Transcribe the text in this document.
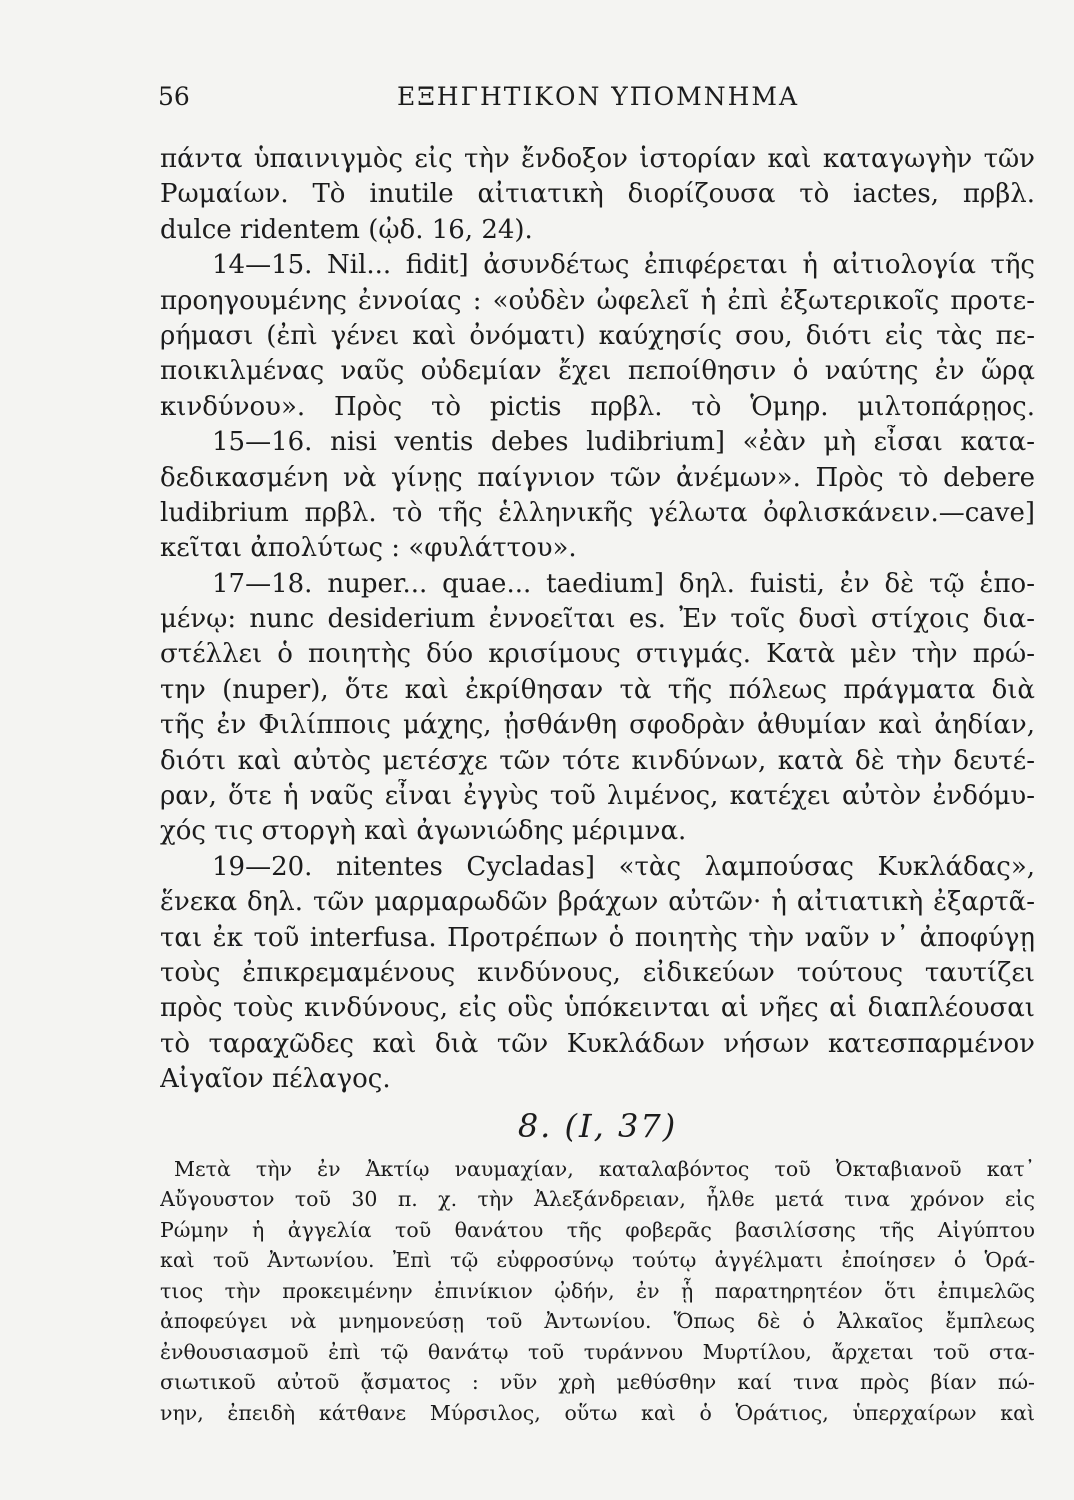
56	ΕΞΗΓΗΤΙΚΟΝ ΥΠΟΜΝΗΜΑ
πάντα ὑπαινιγμὸς εἰς τὴν ἔνδοξον ἱστορίαν καὶ καταγωγὴν τῶν
Ρωμαίων. Τὸ inutile αἰτιατικὴ διορίζουσα τὸ iactes, πρβλ.
dulce ridentem (ᾠδ. 16, 24).
14—15. Nil... fidit] ἀσυνδέτως ἐπιφέρεται ἡ αἰτιολογία τῆς
προηγουμένης ἐννοίας : «οὐδὲν ὠφελεῖ ἡ ἐπὶ ἐξωτερικοῖς προτε-
ρήμασι (ἐπὶ γένει καὶ ὀνόματι) καύχησίς σου, διότι εἰς τὰς πε-
ποικιλμένας ναῦς οὐδεμίαν ἔχει πεποίθησιν ὁ ναύτης ἐν ὥρᾳ
κινδύνου». Πρὸς τὸ pictis πρβλ. τὸ Ὁμηρ. μιλτοπάρῃος.
15—16. nisi ventis debes ludibrium] «ἐὰν μὴ εἶσαι κατα-
δεδικασμένη νὰ γίνῃς παίγνιον τῶν ἀνέμων». Πρὸς τὸ debere
ludibrium πρβλ. τὸ τῆς ἑλληνικῆς γέλωτα ὀφλισκάνειν.—cave]
κεῖται ἀπολύτως : «φυλάττου».
17—18. nuper... quae... taedium] δηλ. fuisti, ἐν δὲ τῷ ἑπο-
μένῳ: nunc desiderium ἐννοεῖται es. Ἐν τοῖς δυσὶ στίχοις δια-
στέλλει ὁ ποιητὴς δύο κρισίμους στιγμάς. Κατὰ μὲν τὴν πρώ-
την (nuper), ὅτε καὶ ἐκρίθησαν τὰ τῆς πόλεως πράγματα διὰ
τῆς ἐν Φιλίπποις μάχης, ᾐσθάνθη σφοδρὰν ἀθυμίαν καὶ ἀηδίαν,
διότι καὶ αὐτὸς μετέσχε τῶν τότε κινδύνων, κατὰ δὲ τὴν δευτέ-
ραν, ὅτε ἡ ναῦς εἶναι ἐγγὺς τοῦ λιμένος, κατέχει αὐτὸν ἐνδόμυ-
χός τις στοργὴ καὶ ἀγωνιώδης μέριμνα.
19—20. nitentes Cycladas] «τὰς λαμπούσας Κυκλάδας»,
ἕνεκα δηλ. τῶν μαρμαρωδῶν βράχων αὐτῶν· ἡ αἰτιατικὴ ἐξαρτᾶ-
ται ἐκ τοῦ interfusa. Προτρέπων ὁ ποιητὴς τὴν ναῦν ν᾽ ἀποφύγῃ
τοὺς ἐπικρεμαμένους κινδύνους, εἰδικεύων τούτους ταυτίζει
πρὸς τοὺς κινδύνους, εἰς οὓς ὑπόκεινται αἱ νῆες αἱ διαπλέουσαι
τὸ ταραχῶδες καὶ διὰ τῶν Κυκλάδων νήσων κατεσπαρμένον
Αἰγαῖον πέλαγος.
8. (I, 37)
Μετὰ τὴν ἐν Ἀκτίῳ ναυμαχίαν, καταλαβόντος τοῦ Ὀκταβιανοῦ κατ᾽
Αὔγουστον τοῦ 30 π. χ. τὴν Ἀλεξάνδρειαν, ἦλθε μετά τινα χρόνον εἰς
Ρώμην ἡ ἀγγελία τοῦ θανάτου τῆς φοβερᾶς βασιλίσσης τῆς Αἰγύπτου
καὶ τοῦ Ἀντωνίου. Ἐπὶ τῷ εὐφροσύνῳ τούτῳ ἀγγέλματι ἐποίησεν ὁ Ὁρά-
τιος τὴν προκειμένην ἐπινίκιον ᾠδήν, ἐν ᾗ παρατηρητέον ὅτι ἐπιμελῶς
ἀποφεύγει νὰ μνημονεύσῃ τοῦ Ἀντωνίου. Ὅπως δὲ ὁ Ἀλκαῖος ἔμπλεως
ἐνθουσιασμοῦ ἐπὶ τῷ θανάτῳ τοῦ τυράννου Μυρτίλου, ἄρχεται τοῦ στα-
σιωτικοῦ αὐτοῦ ᾄσματος : νῦν χρὴ μεθύσθην καί τινα πρὸς βίαν πώ-
νην, ἐπειδὴ κάτθανε Μύρσιλος, οὕτω καὶ ὁ Ὁράτιος, ὑπερχαίρων καὶ
